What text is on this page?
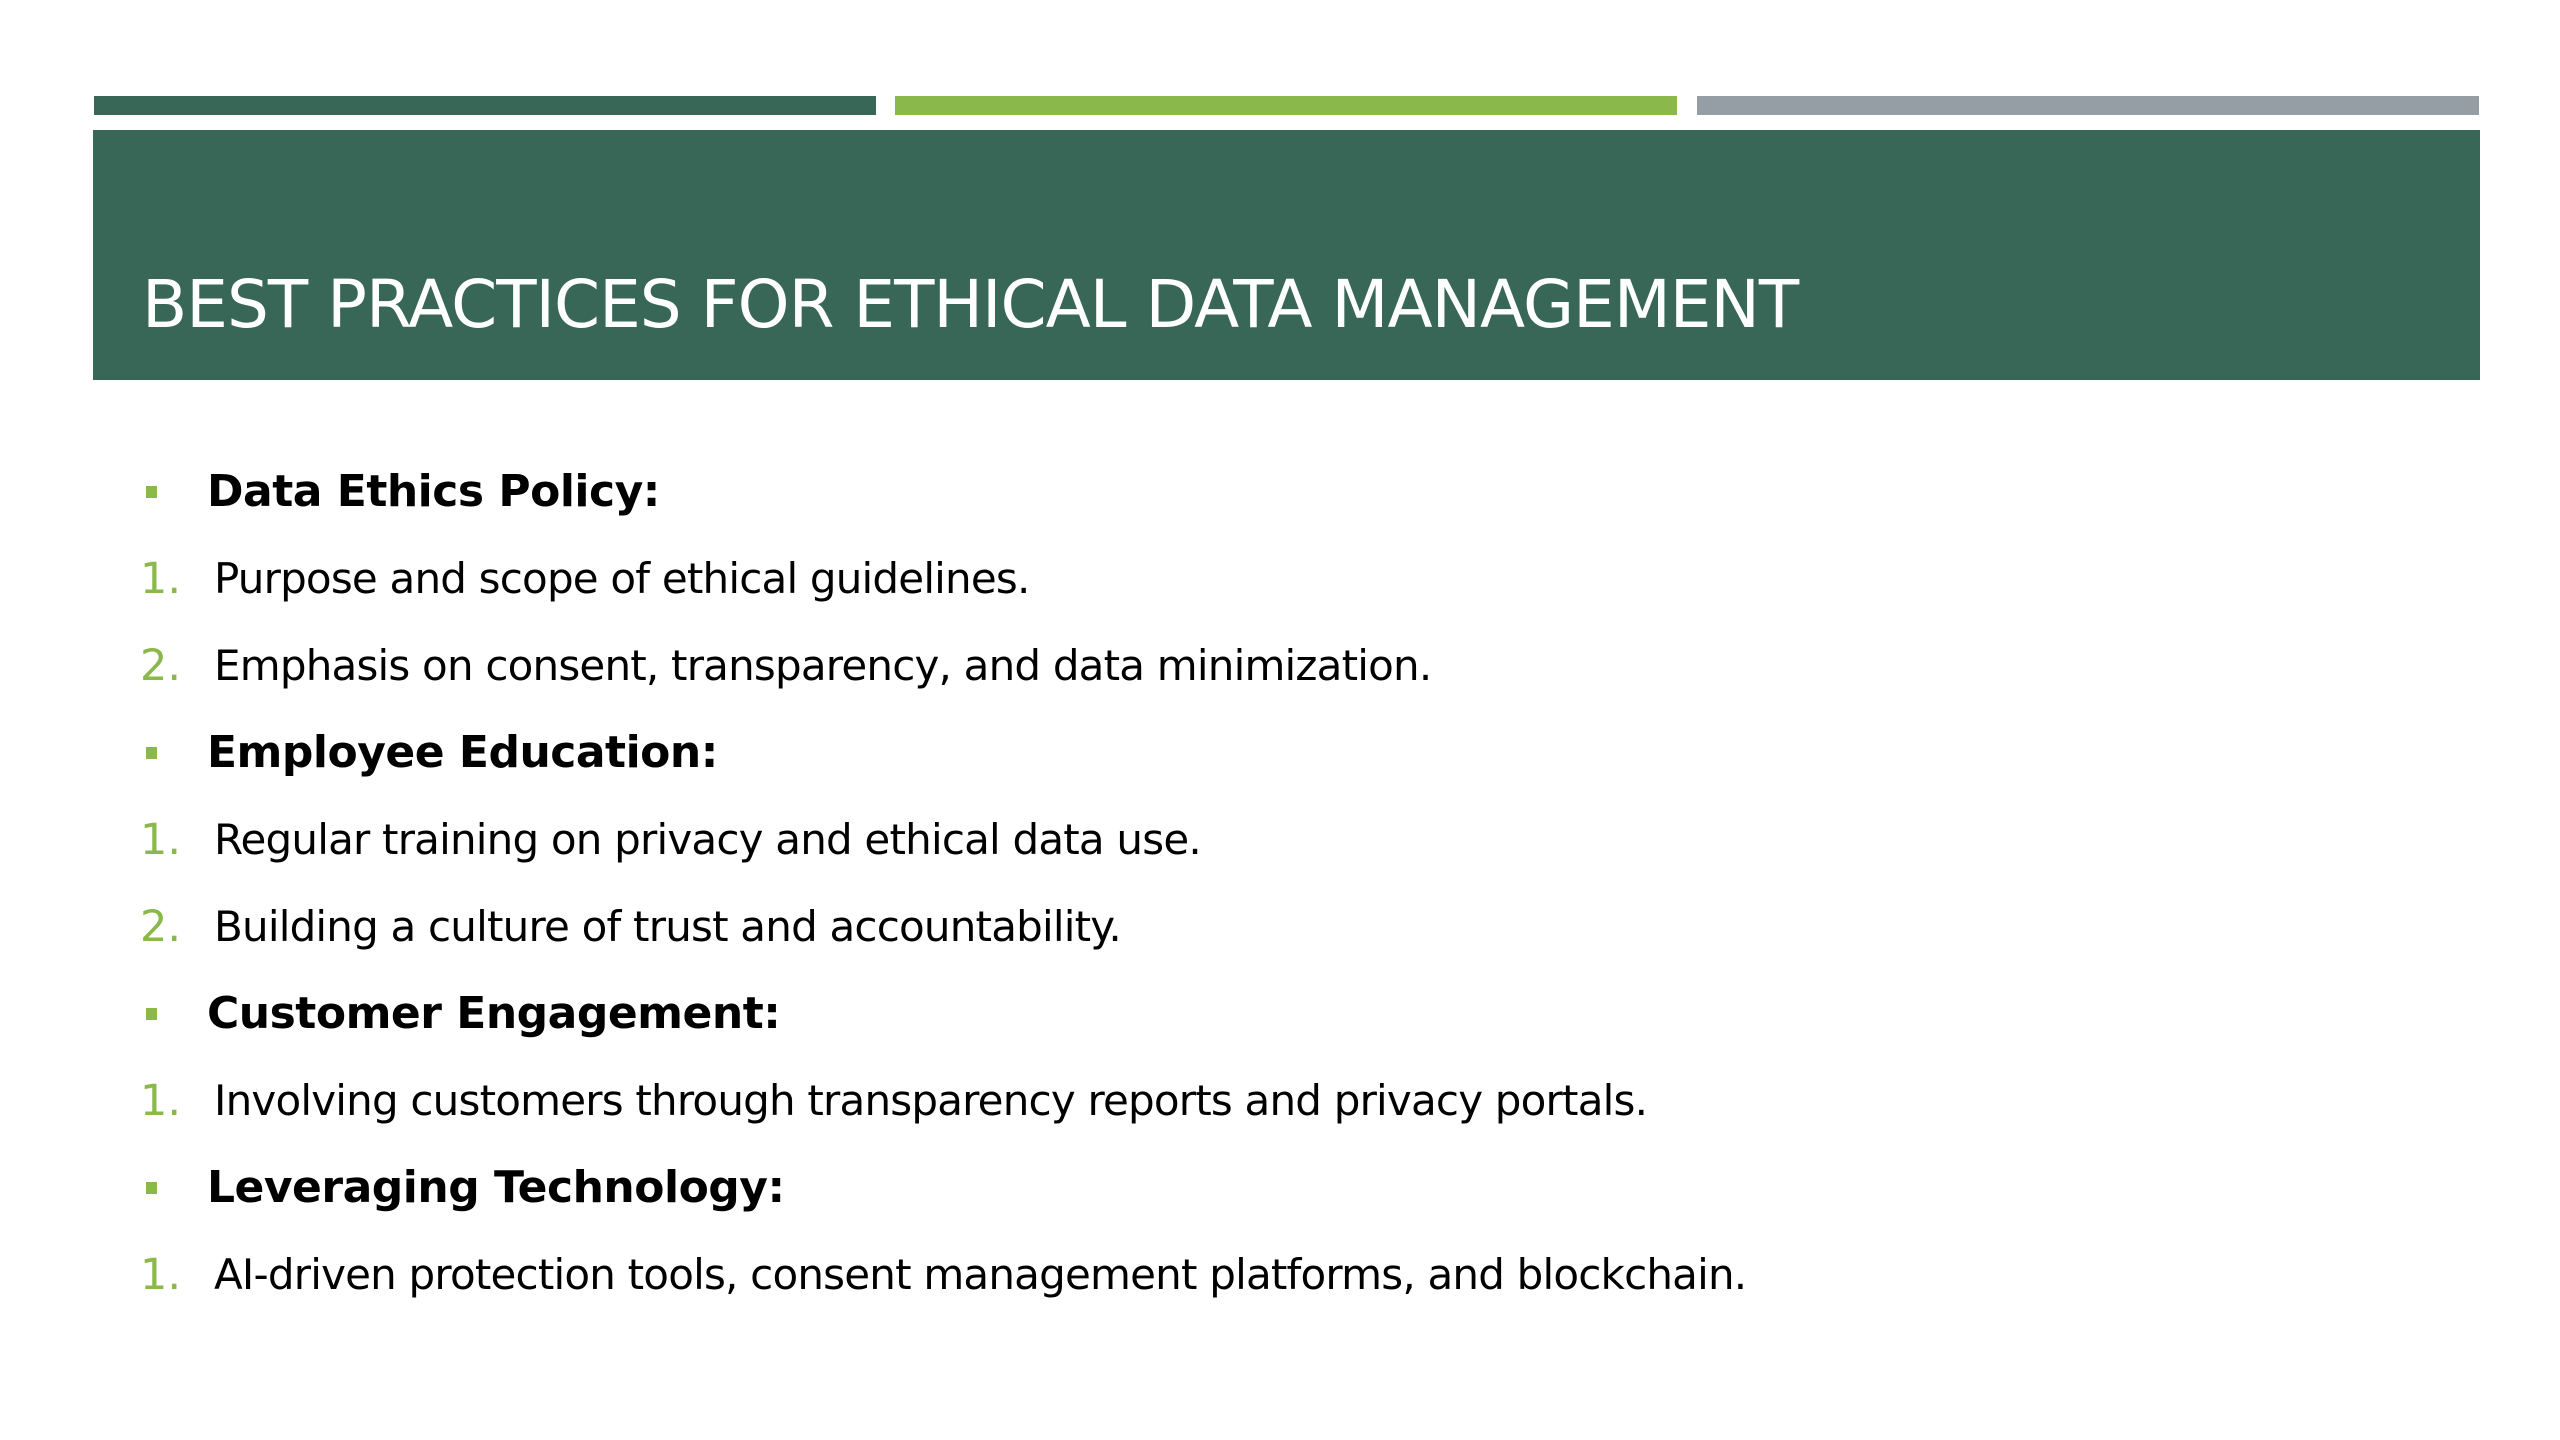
BEST PRACTICES FOR ETHICAL DATA MANAGEMENT
Data Ethics Policy:
1. Purpose and scope of ethical guidelines.
2. Emphasis on consent, transparency, and data minimization.
Employee Education:
1. Regular training on privacy and ethical data use.
2. Building a culture of trust and accountability.
Customer Engagement:
1. Involving customers through transparency reports and privacy portals.
Leveraging Technology:
1. AI-driven protection tools, consent management platforms, and blockchain.
